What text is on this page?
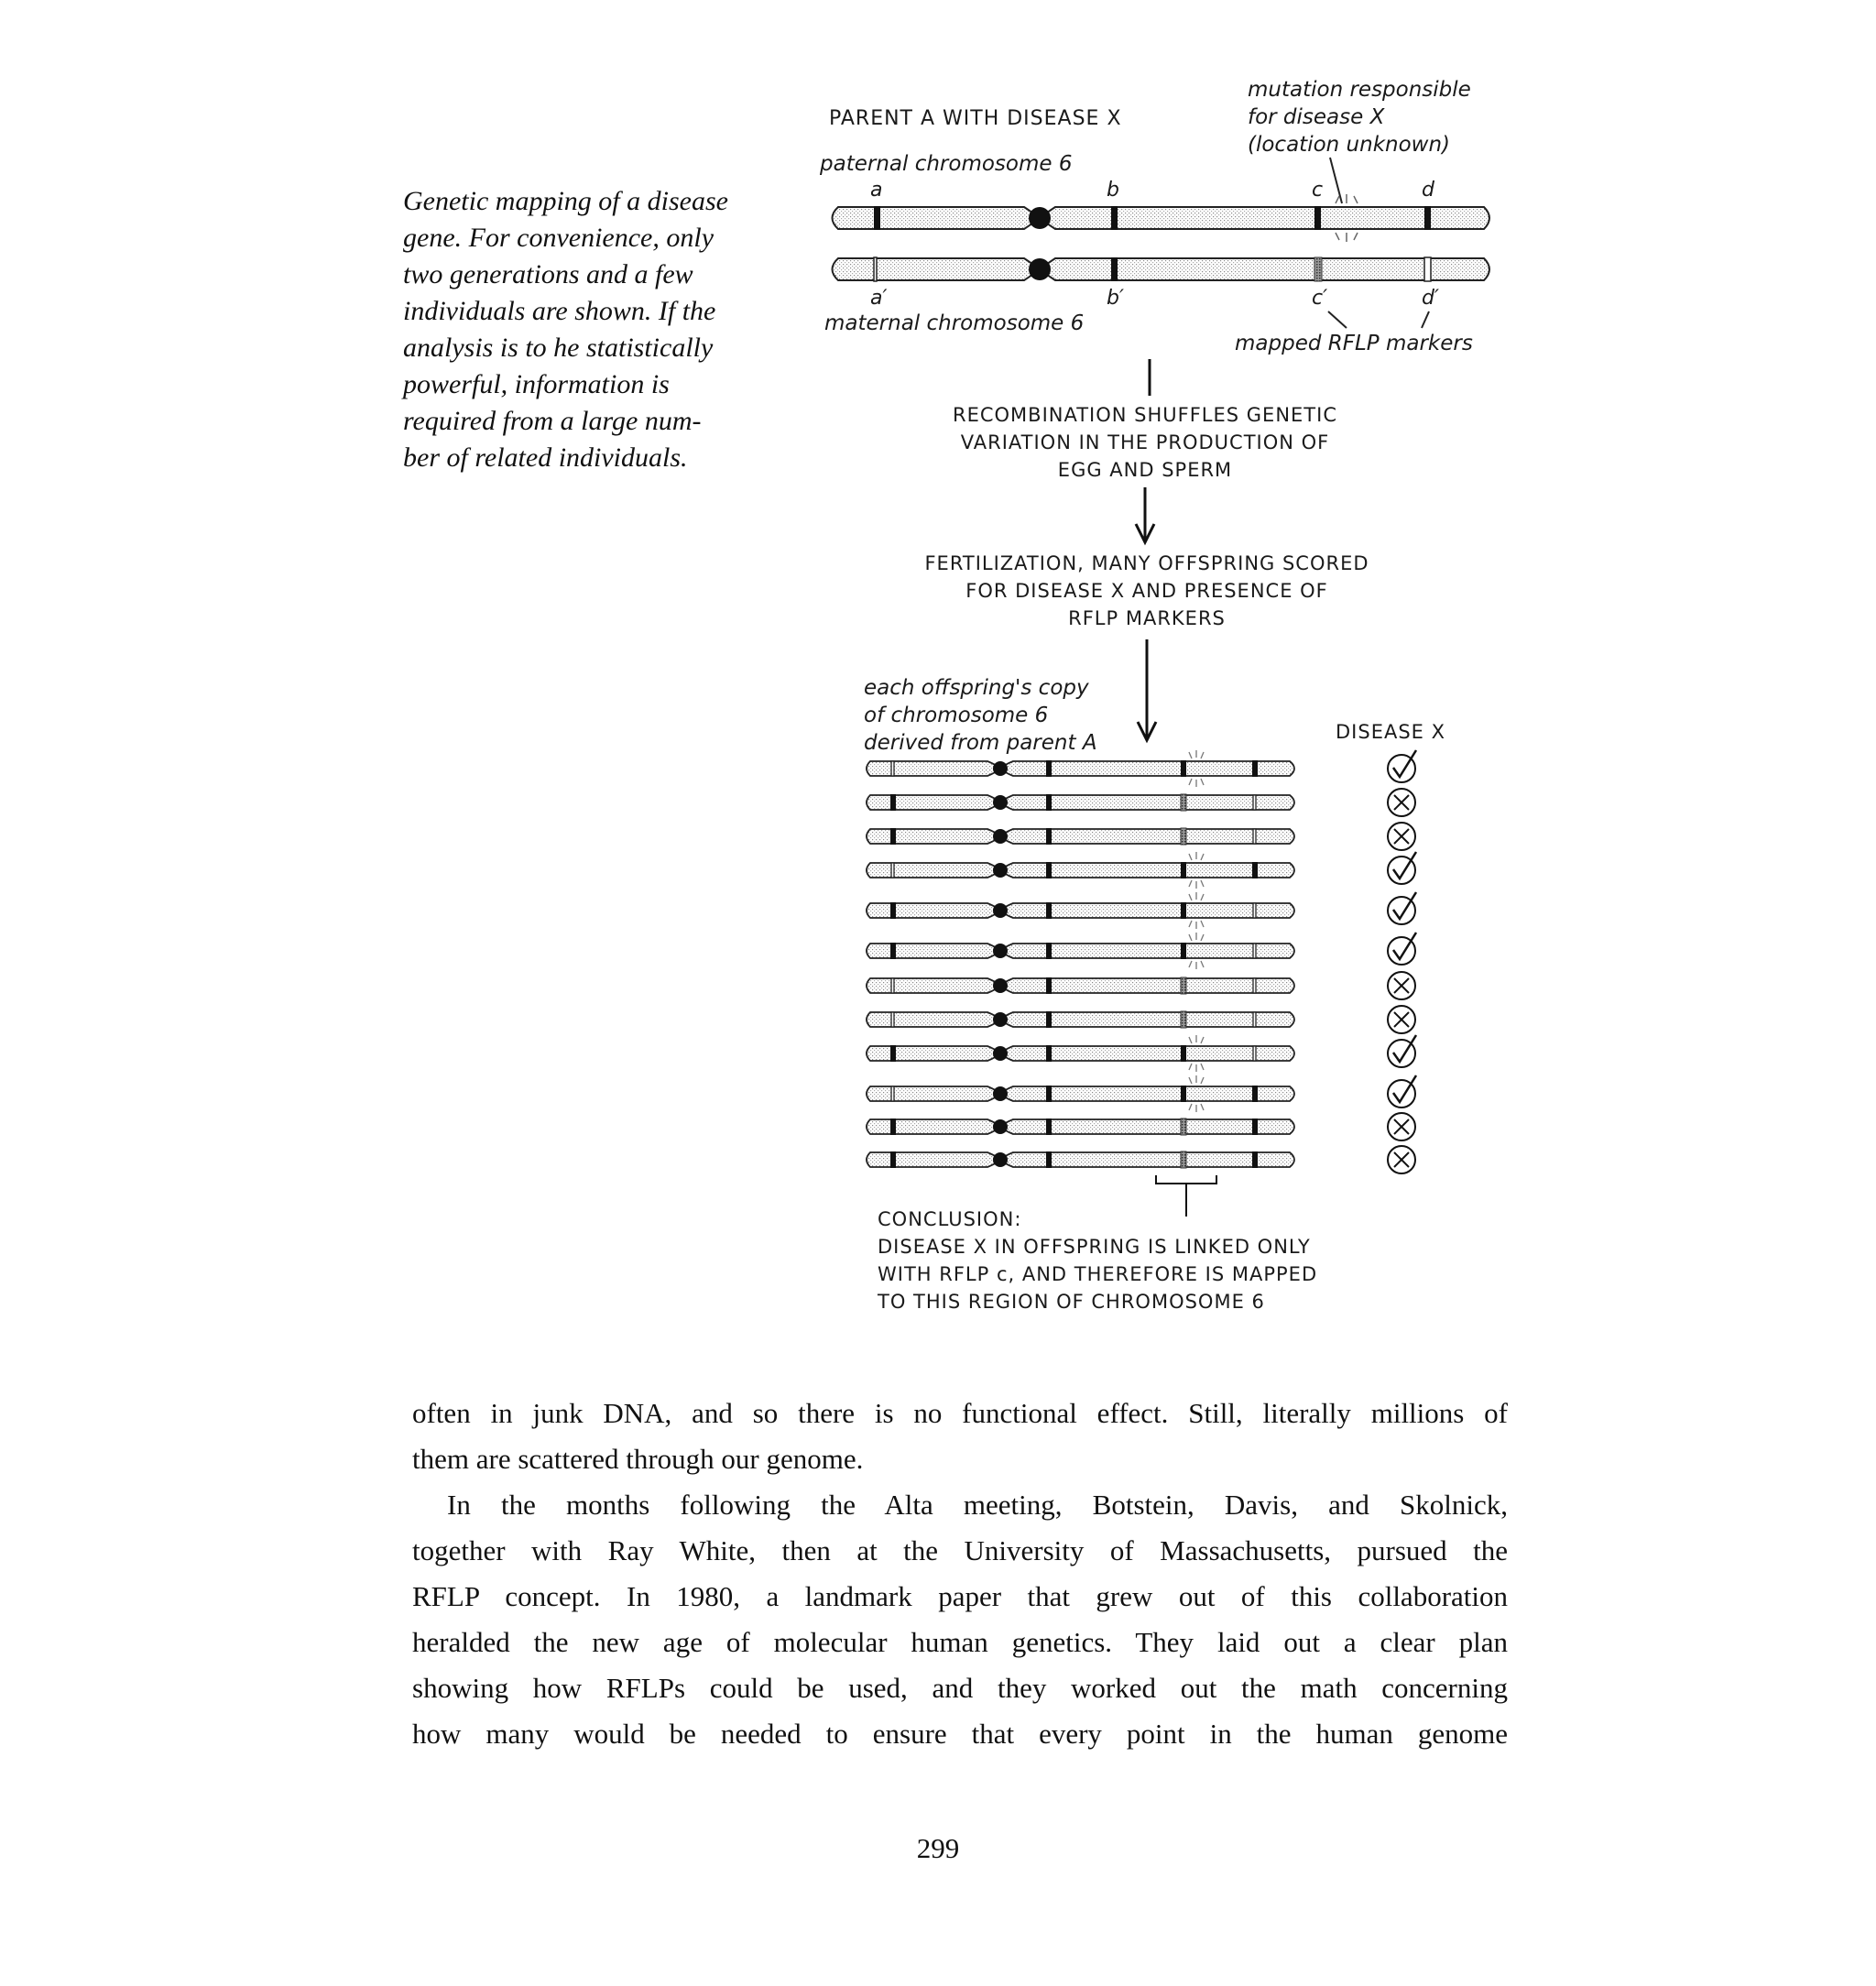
Genetic mapping of a disease
gene. For convenience, only
two generations and a few
individuals are shown. If the
analysis is to he statistically
powerful, information is
required from a large num-
ber of related individuals.
PARENT A WITH DISEASE X
mutation responsible
for disease X
(location unknown)
paternal chromosome 6
a	b	c	d
a′	b′	c′	d′
maternal chromosome 6
mapped RFLP markers
RECOMBINATION SHUFFLES GENETIC
VARIATION IN THE PRODUCTION OF
EGG AND SPERM
FERTILIZATION, MANY OFFSPRING SCORED
FOR DISEASE X AND PRESENCE OF
RFLP MARKERS
each offspring's copy
of chromosome 6
derived from parent A	DISEASE X
CONCLUSION:
DISEASE X IN OFFSPRING IS LINKED ONLY
WITH RFLP c, AND THEREFORE IS MAPPED
TO THIS REGION OF CHROMOSOME 6
often in junk DNA, and so there is no functional effect. Still, literally millions of
them are scattered through our genome.
In the months following the Alta meeting, Botstein, Davis, and Skolnick,
together with Ray White, then at the University of Massachusetts, pursued the
RFLP concept. In 1980, a landmark paper that grew out of this collaboration
heralded the new age of molecular human genetics. They laid out a clear plan
showing how RFLPs could be used, and they worked out the math concerning
how many would be needed to ensure that every point in the human genome
299
